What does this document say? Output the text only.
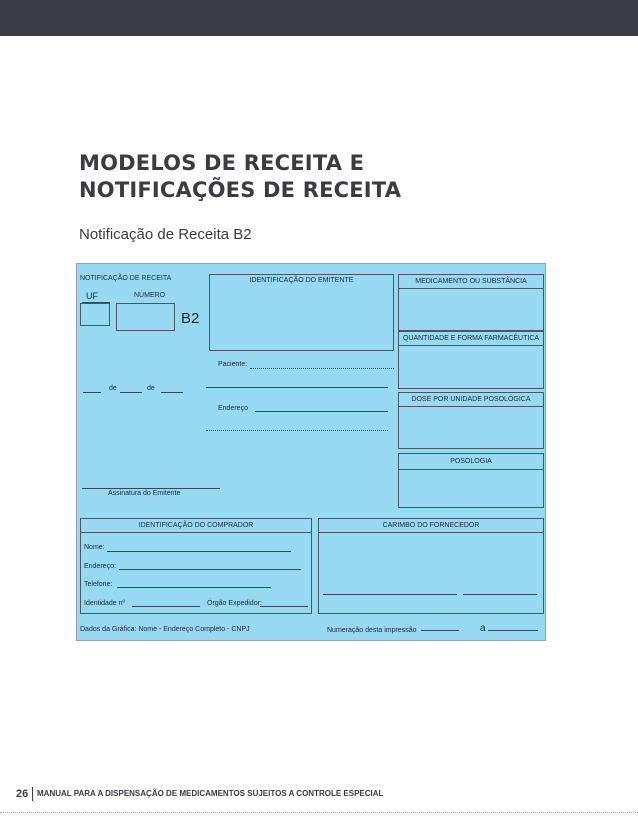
MODELOS DE RECEITA E
NOTIFICAÇÕES DE RECEITA
Notificação de Receita B2
NOTIFICAÇÃO DE RECEITA
UF	NÚMERO
B2
de	de
Assinatura do Emitente
IDENTIFICAÇÃO DO EMITENTE
Paciente:
Endereço
MEDICAMENTO OU SUBSTÂNCIA
QUANTIDADE E FORMA FARMACÊUTICA
DOSE POR UNIDADE POSOLÓGICA
POSOLOGIA
IDENTIFICAÇÃO DO COMPRADOR
Nome:
Endereço:
Telefone:
Identidade nº	Órgão Expedidor:
CARIMBO DO FORNECEDOR
Dados da Gráfica: Nome - Endereço Completo - CNPJ	Numeração desta impressão	a
26 MANUAL PARA A DISPENSAÇÃO DE MEDICAMENTOS SUJEITOS A CONTROLE ESPECIAL
